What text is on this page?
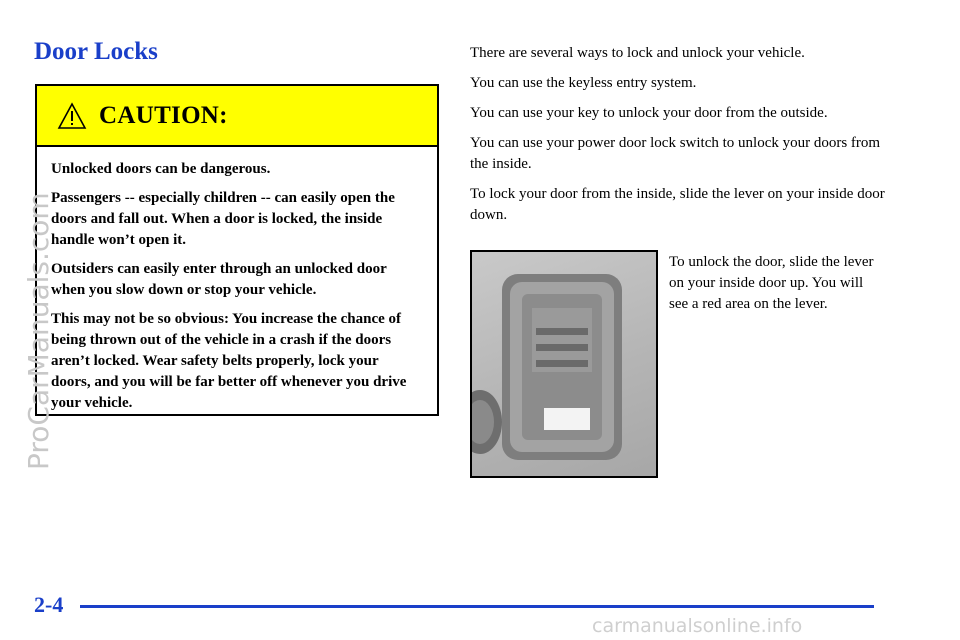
Door Locks
CAUTION:

Unlocked doors can be dangerous.

Passengers -- especially children -- can easily open the doors and fall out. When a door is locked, the inside handle won’t open it.

Outsiders can easily enter through an unlocked door when you slow down or stop your vehicle.

This may not be so obvious: You increase the chance of being thrown out of the vehicle in a crash if the doors aren’t locked. Wear safety belts properly, lock your doors, and you will be far better off whenever you drive your vehicle.

There are several ways to lock and unlock your vehicle.

You can use the keyless entry system.

You can use your key to unlock your door from the outside.

You can use your power door lock switch to unlock your doors from the inside.

To lock your door from the inside, slide the lever on your inside door down.

To unlock the door, slide the lever on your inside door up. You will see a red area on the lever.

ProCarManuals.com

2-4

carmanualsonline.info
